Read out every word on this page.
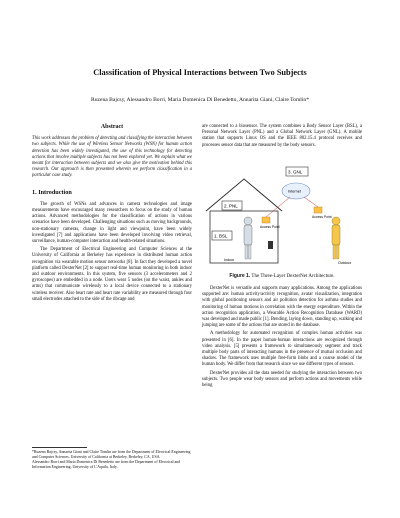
Classification of Physical Interactions between Two Subjects
Ruzena Bajcsy, Alessandro Borri, Maria Domenica Di Benedetto, Annarita Giani, Claire Tomlin*
Abstract

This work addresses the problem of detecting and classifying the interaction between two subjects. While the use of Wireless Sensor Networks (WSN) for human action detection has been widely investigated, the use of this technology for detecting actions that involve multiple subjects has not been explored yet. We explain what we meant for interaction between subjects and we also give the motivation behind this research. Our approach is then presented wherein we perform classification in a particular case study.

1. Introduction

The growth of WSNs and advances in camera technologies and image measurements have encouraged many researchers to focus on the study of human actions. Advanced methodologies for the classification of actions in various scenarios have been developed. Challenging situations such as moving backgrounds, non-stationary cameras, change in light and viewpoint, have been widely investigated [7] and applications have been developed involving video retrieval, surveillance, human-computer interaction and health-related situations.

The Department of Electrical Engineering and Computer Sciences at the University of California at Berkeley has experience in distributed human action recognition via wearable motion sensor networks [8]. In fact they developed a novel platform called DexterNet [2] to support real-time human monitoring in both indoor and outdoor environments. In this system, five sensors (3 accelerometers and 2 gyroscopes) are embedded in a node. Users wear 5 nodes (on the waist, ankles and arms) that communicate wirelessly to a local device connected to a stationary wireless receiver. Also heart rate and heart rate variability are measured through four small electrodes attached to the side of the ribcage and

*Ruzena Bajcsy, Annarita Giani and Claire Tomlin are from the Department of Electrical Engineering and Computer Sciences, University of California at Berkeley, Berkeley, CA, USA.

Alessandro Borri and Maria Domenica Di Benedetto are from the Department of Electrical and Information Engineering, University of L'Aquila, Italy.

are connected to a biosensor. The system combines a Body Sensor Layer (BSL), a Personal Network Layer (PNL) and a Global Network Layer (GNL). A mobile station that supports Linux OS and the IEEE 802.15.4 protocol receives and processes sensor data that are measured by the body sensors.

3. GNL
2. PNL
1. BSL
Internet
Access Point
Access Point
Indoor
Outdoor
Figure 1. The Three-Layer DexterNet Architecture.

DexterNet is versatile and supports many applications. Among the applications supported are: human activity/activity recognition, avatar visualization, integration with global positioning sensors and air pollution detection for asthma studies and monitoring of human motions in correlation with the energy expenditure. Within the action recognition application, a Wearable Action Recognition Database (WARD) was developed and made public [1]. Bending, laying down, standing up, walking and jumping are some of the actions that are stored in the database.

A methodology for automated recognition of complex human activities was presented in [6]. In the paper human-human interactions are recognized through video analysis. [5] presents a framework to simultaneously segment and track multiple body parts of interacting humans in the presence of mutual occlusion and shadow. The framework uses multiple free-form blobs and a coarse model of the human body. We differ from that research since we use different types of sensors.

DexterNet provides all the data needed for studying the interaction between two subjects. Two people wear body sensors and perform actions and movements while being
